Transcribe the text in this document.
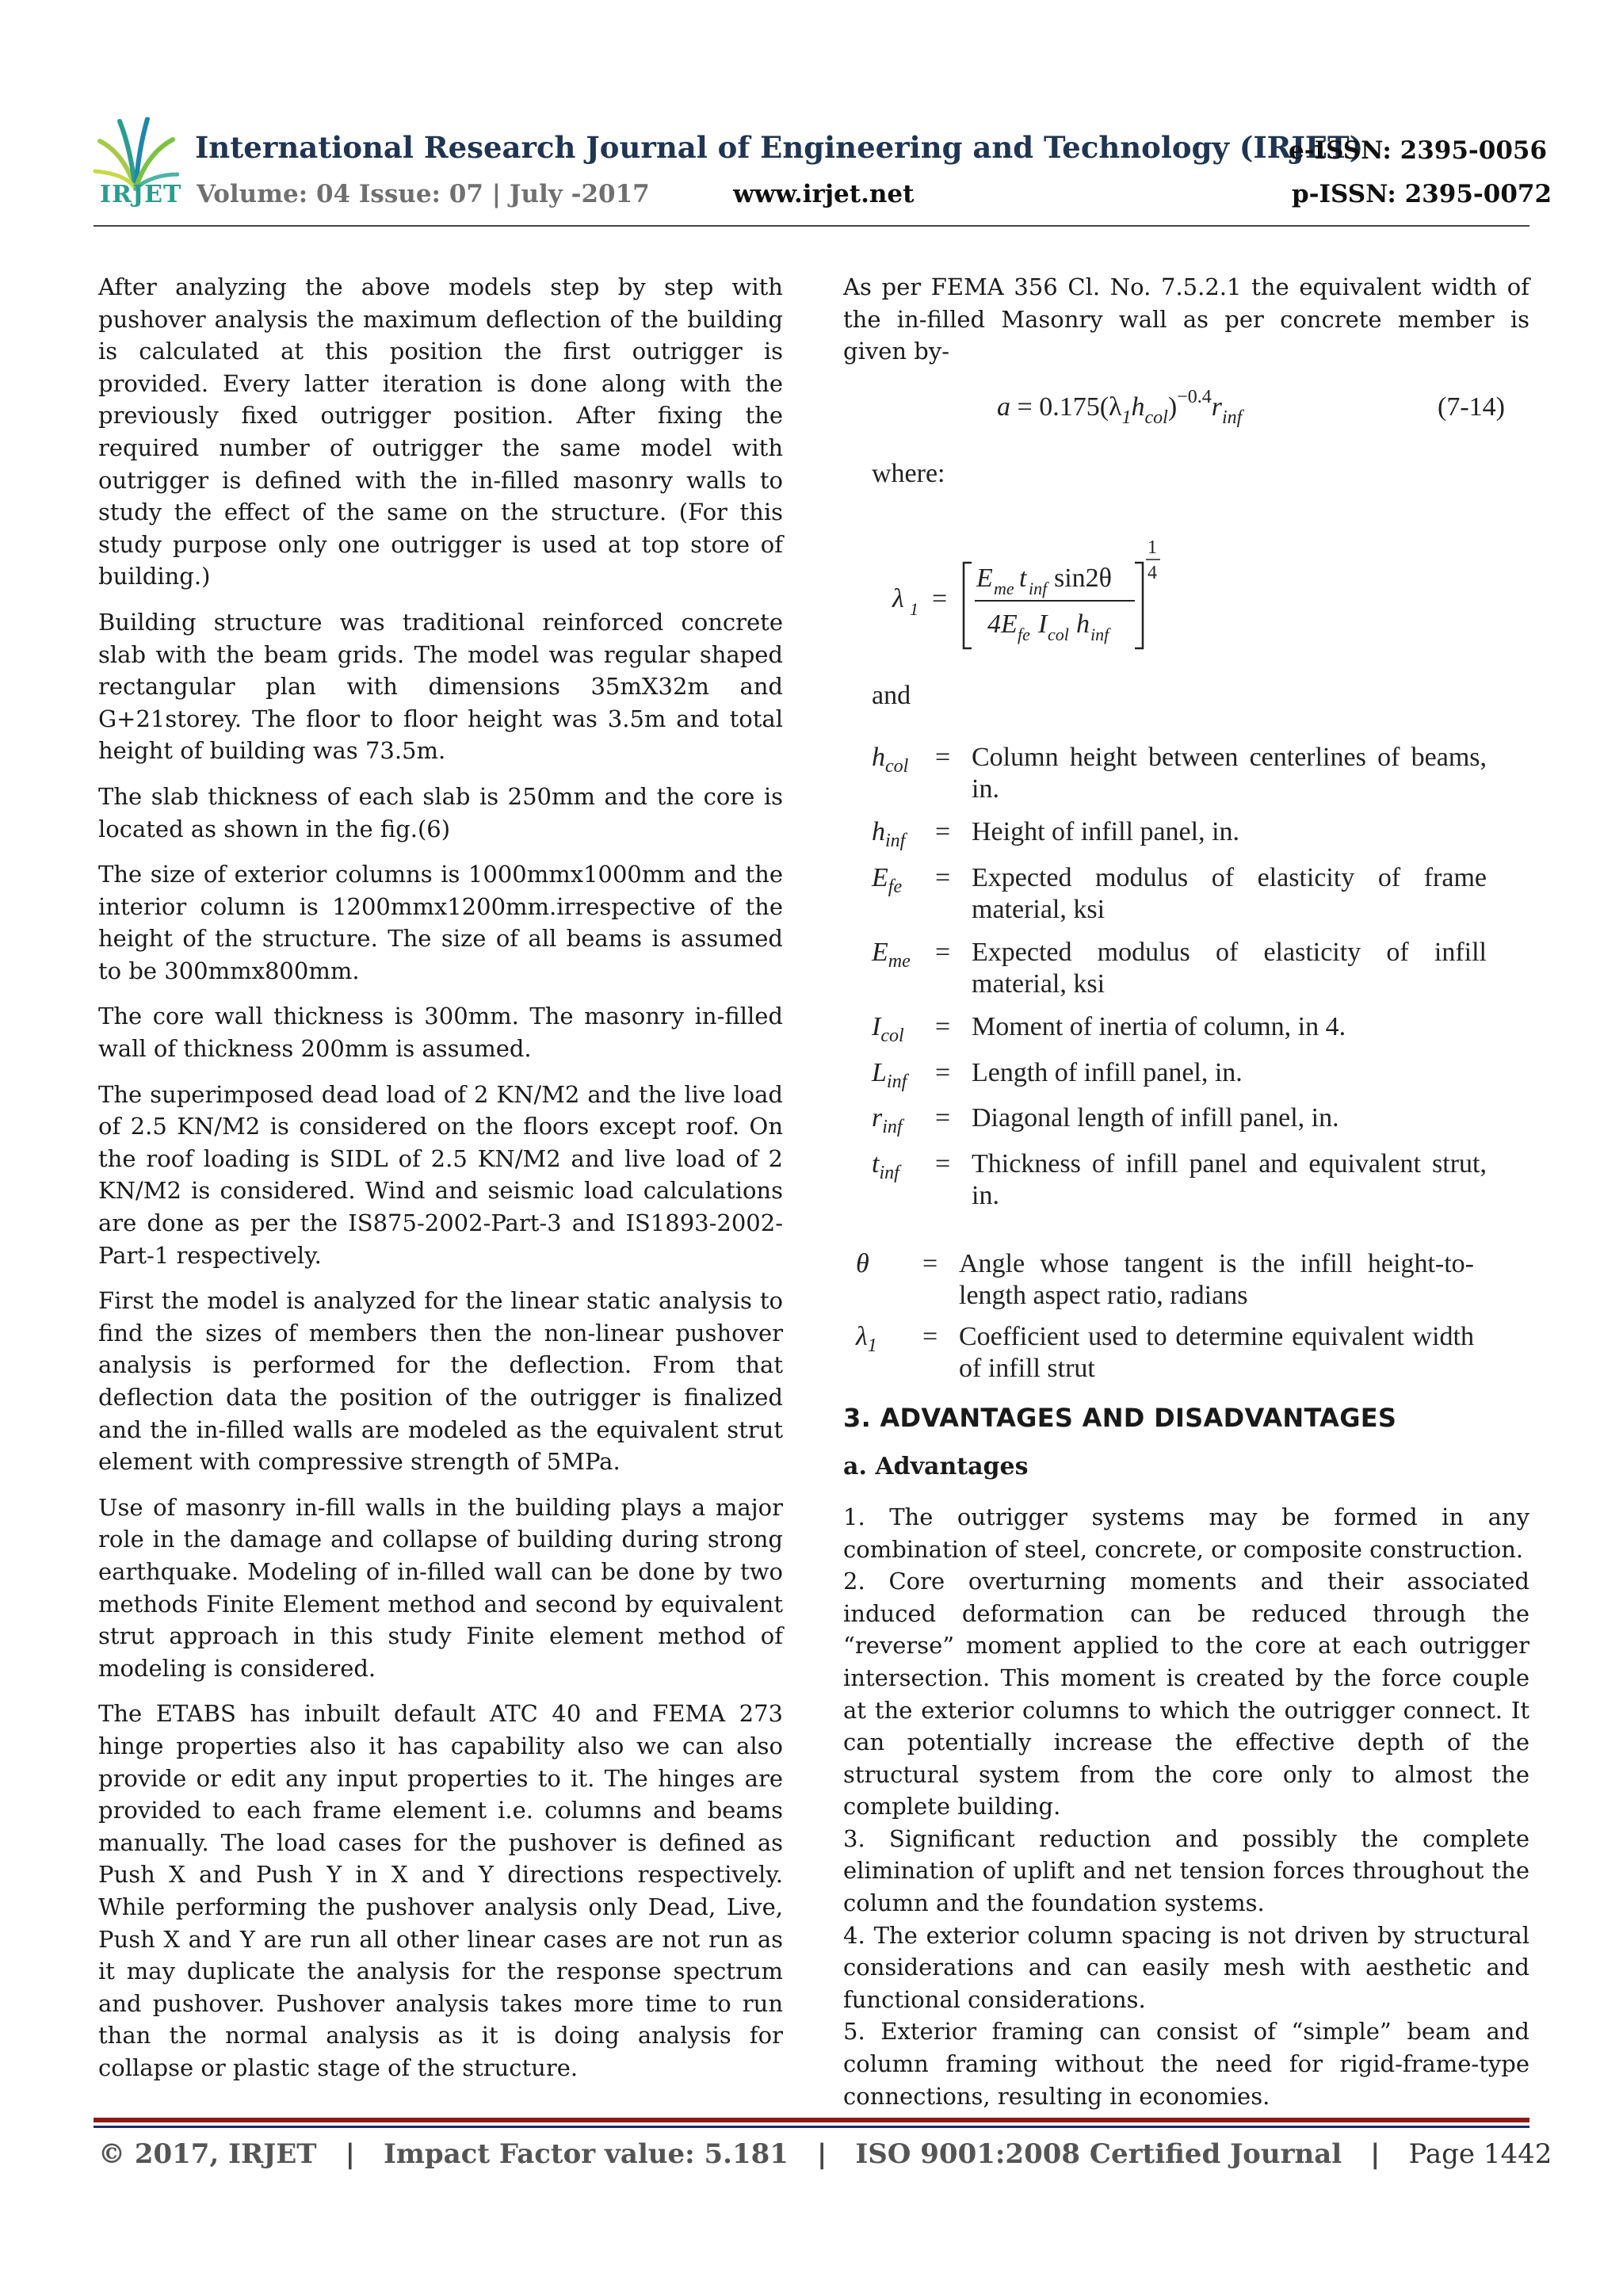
IRJET
International Research Journal of Engineering and Technology (IRJET)
e-ISSN: 2395-0056
Volume: 04 Issue: 07 | July -2017	www.irjet.net	p-ISSN: 2395-0072

After analyzing the above models step by step with pushover analysis the maximum deflection of the building is calculated at this position the first outrigger is provided. Every latter iteration is done along with the previously fixed outrigger position. After fixing the required number of outrigger the same model with outrigger is defined with the in-filled masonry walls to study the effect of the same on the structure. (For this study purpose only one outrigger is used at top store of building.)

Building structure was traditional reinforced concrete slab with the beam grids. The model was regular shaped rectangular plan with dimensions 35mX32m and G+21storey. The floor to floor height was 3.5m and total height of building was 73.5m.

The slab thickness of each slab is 250mm and the core is located as shown in the fig.(6)

The size of exterior columns is 1000mmx1000mm and the interior column is 1200mmx1200mm.irrespective of the height of the structure. The size of all beams is assumed to be 300mmx800mm.

The core wall thickness is 300mm. The masonry in-filled wall of thickness 200mm is assumed.

The superimposed dead load of 2 KN/M2 and the live load of 2.5 KN/M2 is considered on the floors except roof. On the roof loading is SIDL of 2.5 KN/M2 and live load of 2 KN/M2 is considered. Wind and seismic load calculations are done as per the IS875-2002-Part-3 and IS1893-2002-Part-1 respectively.

First the model is analyzed for the linear static analysis to find the sizes of members then the non-linear pushover analysis is performed for the deflection. From that deflection data the position of the outrigger is finalized and the in-filled walls are modeled as the equivalent strut element with compressive strength of 5MPa.

Use of masonry in-fill walls in the building plays a major role in the damage and collapse of building during strong earthquake. Modeling of in-filled wall can be done by two methods Finite Element method and second by equivalent strut approach in this study Finite element method of modeling is considered.

The ETABS has inbuilt default ATC 40 and FEMA 273 hinge properties also it has capability also we can also provide or edit any input properties to it. The hinges are provided to each frame element i.e. columns and beams manually. The load cases for the pushover is defined as Push X and Push Y in X and Y directions respectively. While performing the pushover analysis only Dead, Live, Push X and Y are run all other linear cases are not run as it may duplicate the analysis for the response spectrum and pushover. Pushover analysis takes more time to run than the normal analysis as it is doing analysis for collapse or plastic stage of the structure.

As per FEMA 356 Cl. No. 7.5.2.1 the equivalent width of the in-filled Masonry wall as per concrete member is given by-

$a = 0.175(\lambda_1h_{col})^{-0.4}r_{inf}$	(7-14)
where:
λ 1 =
E me t inf sin2θ
4E fe I col h inf
1
4
and
$h_{col}$ = Column height between centerlines of beams, in.
$h_{inf}$	= Height of infill panel, in.
$E_{fe}$	= Expected modulus of elasticity of frame material, ksi
$E_{me}$ = Expected modulus of elasticity of infill material, ksi
$I_{col}$	= Moment of inertia of column, in 4.
$L_{inf}$	= Length of infill panel, in.
$r_{inf}$	= Diagonal length of infill panel, in.
$t_{inf}$	= Thickness of infill panel and equivalent strut, in.
θ	= Angle whose tangent is the infill height-to-length aspect ratio, radians
$\lambda_1$	= Coefficient used to determine equivalent width of infill strut
3. ADVANTAGES AND DISADVANTAGES
a. Advantages

1. The outrigger systems may be formed in any combination of steel, concrete, or composite construction.

2. Core overturning moments and their associated induced deformation can be reduced through the “reverse” moment applied to the core at each outrigger intersection. This moment is created by the force couple at the exterior columns to which the outrigger connect. It can potentially increase the effective depth of the structural system from the core only to almost the complete building.

3. Significant reduction and possibly the complete elimination of uplift and net tension forces throughout the column and the foundation systems.

4. The exterior column spacing is not driven by structural considerations and can easily mesh with aesthetic and functional considerations.

5. Exterior framing can consist of “simple” beam and column framing without the need for rigid-frame-type connections, resulting in economies.

© 2017, IRJET | Impact Factor value: 5.181 | ISO 9001:2008 Certified Journal | Page 1442
